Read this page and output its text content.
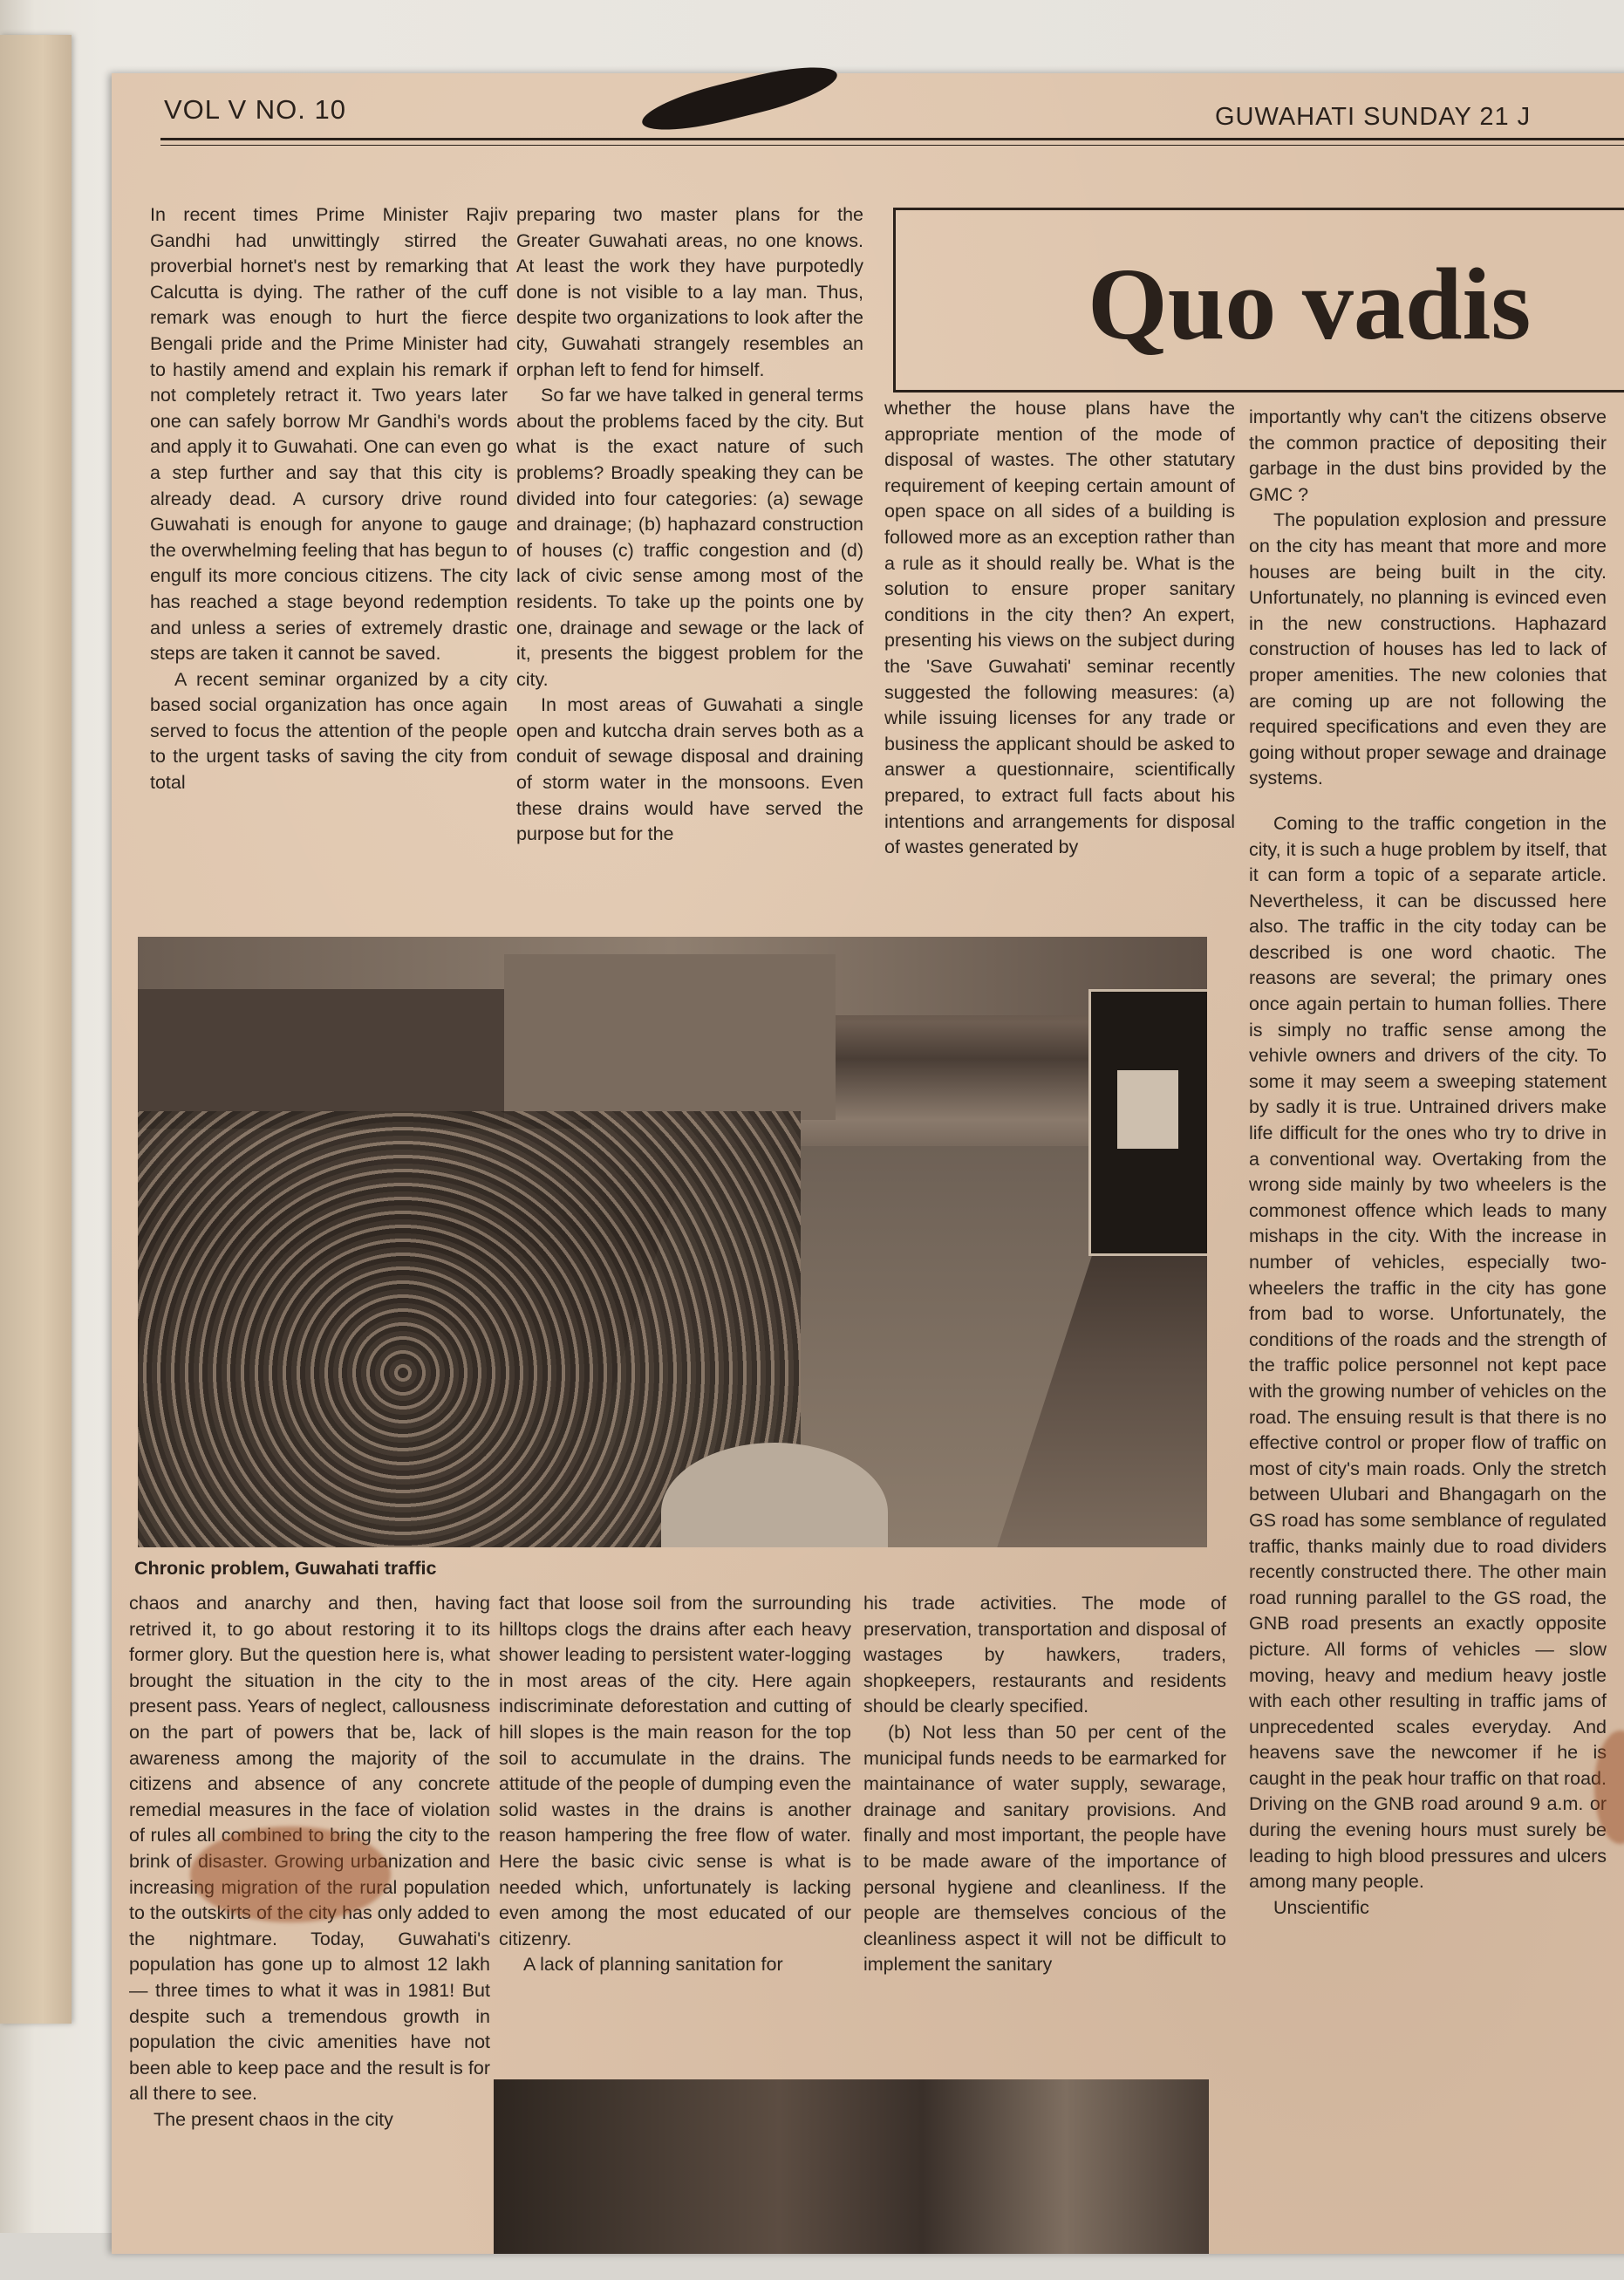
VOL V NO. 10	GUWAHATI SUNDAY 21 J

In recent times Prime Minister Rajiv Gandhi had unwittingly stirred the proverbial hornet's nest by remarking that Calcutta is dying. The rather of the cuff remark was enough to hurt the fierce Bengali pride and the Prime Minister had to hastily amend and explain his remark if not completely retract it. Two years later one can safely borrow Mr Gandhi's words and apply it to Guwahati. One can even go a step further and say that this city is already dead. A cursory drive round Guwahati is enough for anyone to gauge the overwhelming feeling that has begun to engulf its more concious citizens. The city has reached a stage beyond redemption and unless a series of extremely drastic steps are taken it cannot be saved.

A recent seminar organized by a city based social organization has once again served to focus the attention of the people to the urgent tasks of saving the city from total

preparing two master plans for the Greater Guwahati areas, no one knows. At least the work they have purpotedly done is not visible to a lay man. Thus, despite two organizations to look after the city, Guwahati strangely resembles an orphan left to fend for himself.

So far we have talked in general terms about the problems faced by the city. But what is the exact nature of such problems? Broadly speaking they can be divided into four categories: (a) sewage and drainage; (b) haphazard construction of houses (c) traffic congestion and (d) lack of civic sense among most of the residents. To take up the points one by one, drainage and sewage or the lack of it, presents the biggest problem for the city.

In most areas of Guwahati a single open and kutccha drain serves both as a conduit of sewage disposal and draining of storm water in the monsoons. Even these drains would have served the purpose but for the

Quo vadis

whether the house plans have the appropriate mention of the mode of disposal of wastes. The other statutary requirement of keeping certain amount of open space on all sides of a building is followed more as an exception rather than a rule as it should really be. What is the solution to ensure proper sanitary conditions in the city then? An expert, presenting his views on the subject during the 'Save Guwahati' seminar recently suggested the following measures: (a) while issuing licenses for any trade or business the applicant should be asked to answer a questionnaire, scientifically prepared, to extract full facts about his intentions and arrangements for disposal of wastes generated by

importantly why can't the citizens observe the common practice of depositing their garbage in the dust bins provided by the GMC ?

The population explosion and pressure on the city has meant that more and more houses are being built in the city. Unfortunately, no planning is evinced even in the new constructions. Haphazard construction of houses has led to lack of proper amenities. The new colonies that are coming up are not following the required specifications and even they are going without proper sewage and drainage systems.

Coming to the traffic congetion in the city, it is such a huge problem by itself, that it can form a topic of a separate article. Nevertheless, it can be discussed here also. The traffic in the city today can be described is one word chaotic. The reasons are several; the primary ones once again pertain to human follies. There is simply no traffic sense among the vehivle owners and drivers of the city. To some it may seem a sweeping statement by sadly it is true. Untrained drivers make life difficult for the ones who try to drive in a conventional way. Overtaking from the wrong side mainly by two wheelers is the commonest offence which leads to many mishaps in the city. With the increase in number of vehicles, especially two-wheelers the traffic in the city has gone from bad to worse. Unfortunately, the conditions of the roads and the strength of the traffic police personnel not kept pace with the growing number of vehicles on the road. The ensuing result is that there is no effective control or proper flow of traffic on most of city's main roads. Only the stretch between Ulubari and Bhangagarh on the GS road has some semblance of regulated traffic, thanks mainly due to road dividers recently constructed there. The other main road running parallel to the GS road, the GNB road presents an exactly opposite picture. All forms of vehicles — slow moving, heavy and medium heavy jostle with each other resulting in traffic jams of unprecedented scales everyday. And heavens save the newcomer if he is caught in the peak hour traffic on that road. Driving on the GNB road around 9 a.m. or during the evening hours must surely be leading to high blood pressures and ulcers among many people.

Unscientific

Chronic problem, Guwahati traffic

chaos and anarchy and then, having retrived it, to go about restoring it to its former glory. But the question here is, what brought the situation in the city to the present pass. Years of neglect, callousness on the part of powers that be, lack of awareness among the majority of the citizens and absence of any concrete remedial measures in the face of violation of rules all combined to bring the city to the brink of disaster. Growing urbanization and increasing migration of the rural population to the outskirts of the city has only added to the nightmare. Today, Guwahati's population has gone up to almost 12 lakh — three times to what it was in 1981! But despite such a tremendous growth in population the civic amenities have not been able to keep pace and the result is for all there to see.

The present chaos in the city

fact that loose soil from the surrounding hilltops clogs the drains after each heavy shower leading to persistent water-logging in most areas of the city. Here again indiscriminate deforestation and cutting of hill slopes is the main reason for the top soil to accumulate in the drains. The attitude of the people of dumping even the solid wastes in the drains is another reason hampering the free flow of water. Here the basic civic sense is what is needed which, unfortunately is lacking even among the most educated of our citizenry.

A lack of planning sanitation for

his trade activities. The mode of preservation, transportation and disposal of wastages by hawkers, traders, shopkeepers, restaurants and residents should be clearly specified.

(b) Not less than 50 per cent of the municipal funds needs to be earmarked for maintainance of water supply, sewarage, drainage and sanitary provisions. And finally and most important, the people have to be made aware of the importance of personal hygiene and cleanliness. If the people are themselves concious of the cleanliness aspect it will not be difficult to implement the sanitary
